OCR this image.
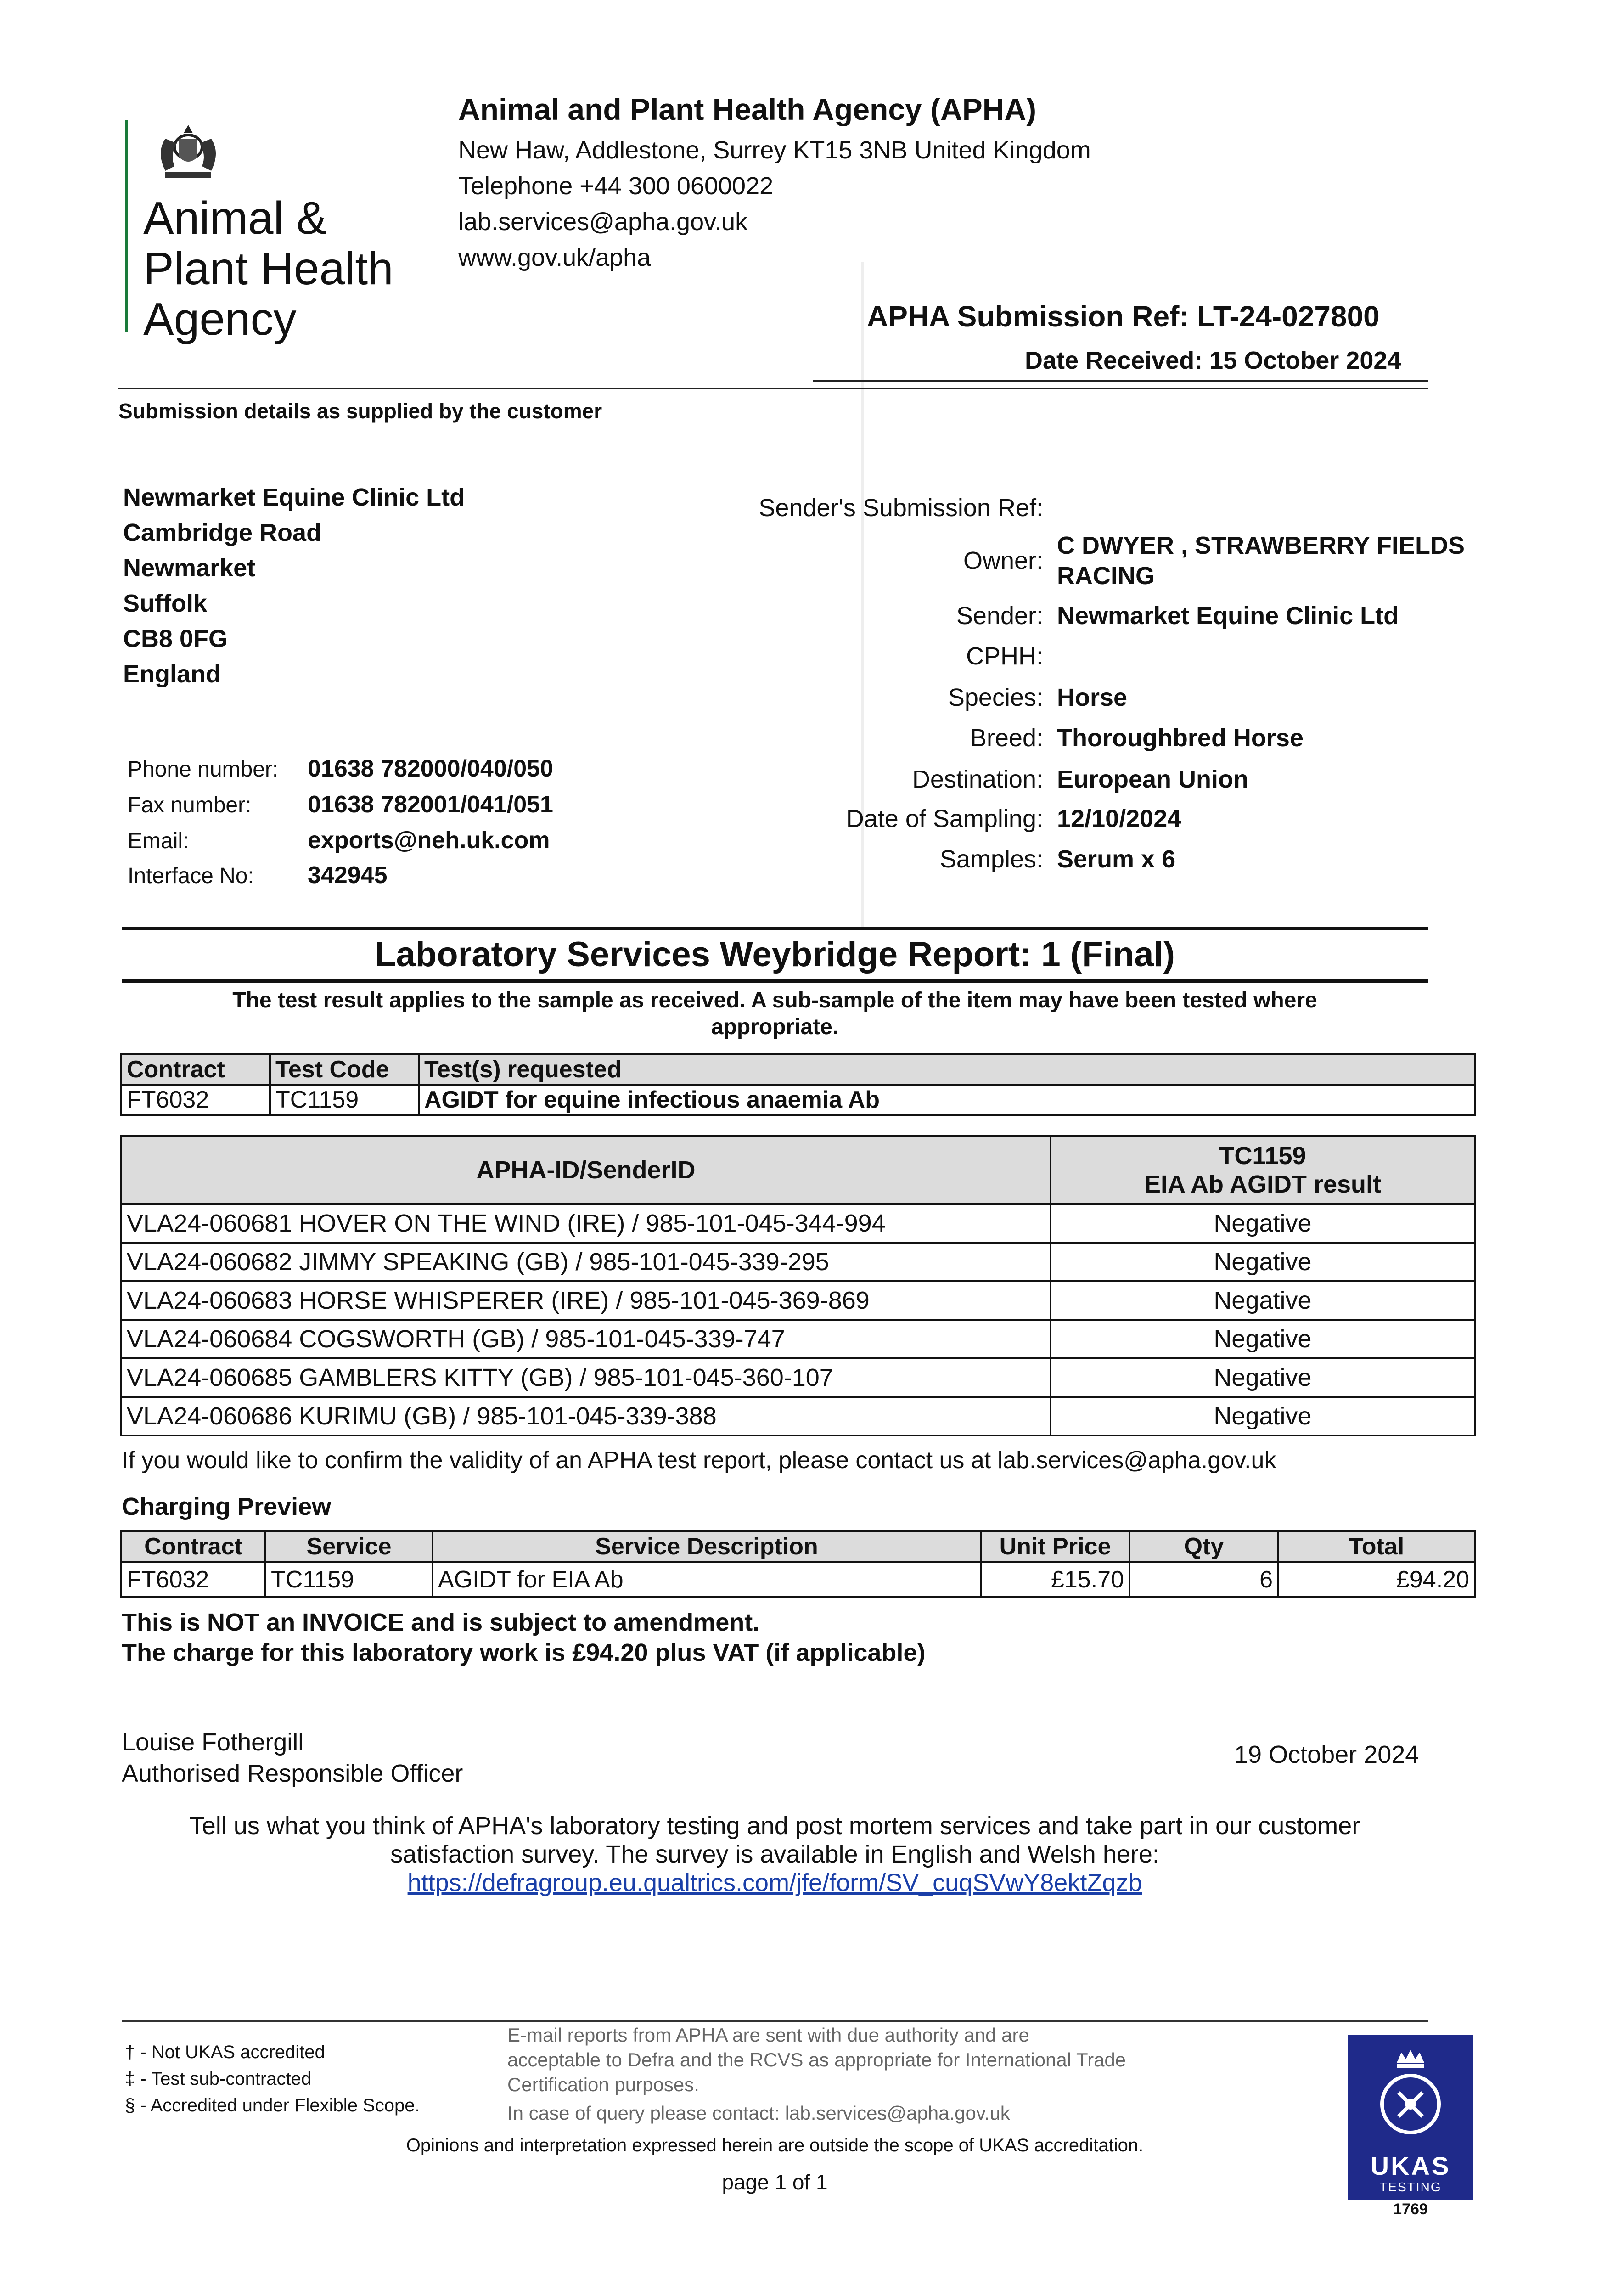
Animal &
Plant Health
Agency
Animal and Plant Health Agency (APHA)
New Haw, Addlestone, Surrey KT15 3NB United Kingdom
Telephone +44 300 0600022
lab.services@apha.gov.uk
www.gov.uk/apha
APHA Submission Ref: LT-24-027800
Date Received: 15 October 2024
Submission details as supplied by the customer
Newmarket Equine Clinic Ltd
Cambridge Road
Newmarket
Suffolk
CB8 0FG
England
Phone number: 01638 782000/040/050
Fax number: 01638 782001/041/051
Email:	exports@neh.uk.com
Interface No: 342945
Sender's Submission Ref:
Owner:
C DWYER , STRAWBERRY FIELDS
RACING
Sender: Newmarket Equine Clinic Ltd
CPHH:
Species: Horse
Breed: Thoroughbred Horse
Destination: European Union
Date of Sampling: 12/10/2024
Samples: Serum x 6
Laboratory Services Weybridge Report: 1 (Final)
The test result applies to the sample as received. A sub-sample of the item may have been tested where
appropriate.
Contract	Test Code	Test(s) requested
FT6032	TC1159	AGIDT for equine infectious anaemia Ab
APHA-ID/SenderID	TC1159
EIA Ab AGIDT result

VLA24-060681 HOVER ON THE WIND (IRE) / 985-101-045-344-994	Negative
VLA24-060682 JIMMY SPEAKING (GB) / 985-101-045-339-295	Negative
VLA24-060683 HORSE WHISPERER (IRE) / 985-101-045-369-869	Negative
VLA24-060684 COGSWORTH (GB) / 985-101-045-339-747	Negative
VLA24-060685 GAMBLERS KITTY (GB) / 985-101-045-360-107	Negative
VLA24-060686 KURIMU (GB) / 985-101-045-339-388	Negative
If you would like to confirm the validity of an APHA test report, please contact us at lab.services@apha.gov.uk
Charging Preview
Contract	Service	Service Description	Unit Price	Qty	Total
FT6032	TC1159	AGIDT for EIA Ab	£15.70	6	£94.20
This is NOT an INVOICE and is subject to amendment.
The charge for this laboratory work is £94.20 plus VAT (if applicable)
Louise Fothergill
Authorised Responsible Officer
19 October 2024
Tell us what you think of APHA's laboratory testing and post mortem services and take part in our customer
satisfaction survey. The survey is available in English and Welsh here:
https://defragroup.eu.qualtrics.com/jfe/form/SV_cuqSVwY8ektZqzb
† - Not UKAS accredited
‡ - Test sub-contracted
§ - Accredited under Flexible Scope.
E-mail reports from APHA are sent with due authority and are
acceptable to Defra and the RCVS as appropriate for International Trade
Certification purposes.
In case of query please contact: lab.services@apha.gov.uk
Opinions and interpretation expressed herein are outside the scope of UKAS accreditation.
page 1 of 1
UKAS
TESTING
1769
